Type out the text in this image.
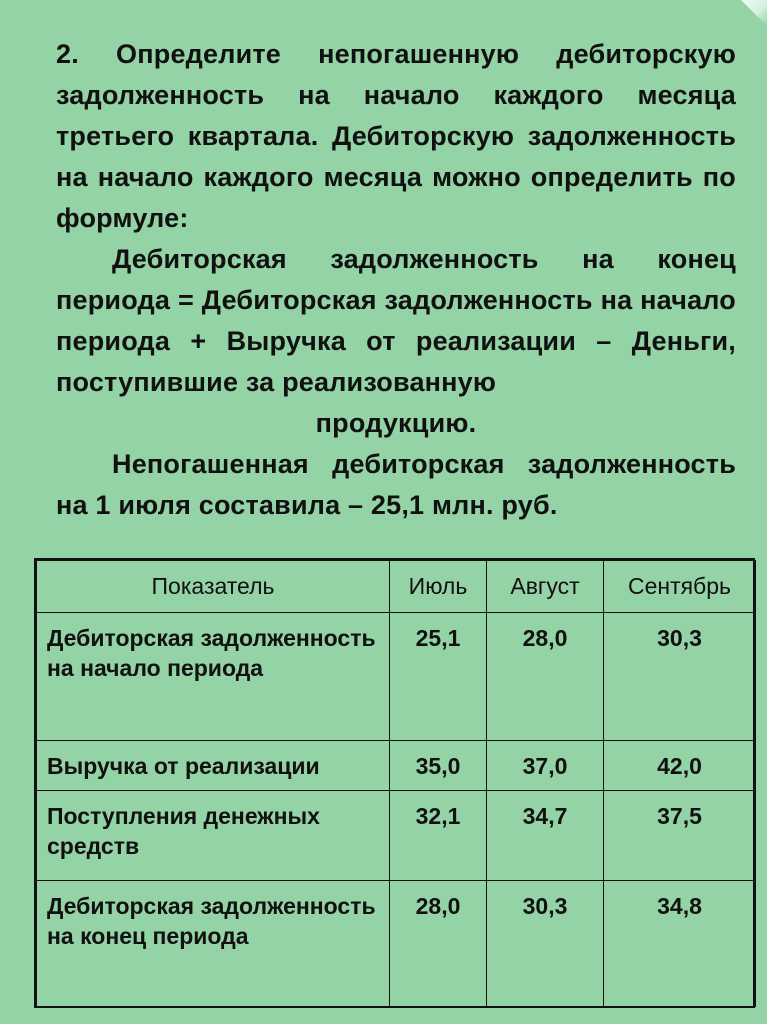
2. Определите непогашенную дебиторскую задолженность на начало каждого месяца третьего квартала. Дебиторскую задолженность на начало каждого месяца можно определить по формуле:

Дебиторская задолженность на конец периода = Дебиторская задолженность на начало периода + Выручка от реализации – Деньги, поступившие за реализованную

продукцию.

Непогашенная дебиторская задолженность на 1 июля составила – 25,1 млн. руб.

Показатель	Июль	Август	Сентябрь
Дебиторская задолженность на начало периода	25,1	28,0	30,3
Выручка от реализации	35,0	37,0	42,0
Поступления денежных средств	32,1	34,7	37,5
Дебиторская задолженность на конец периода	28,0	30,3	34,8
